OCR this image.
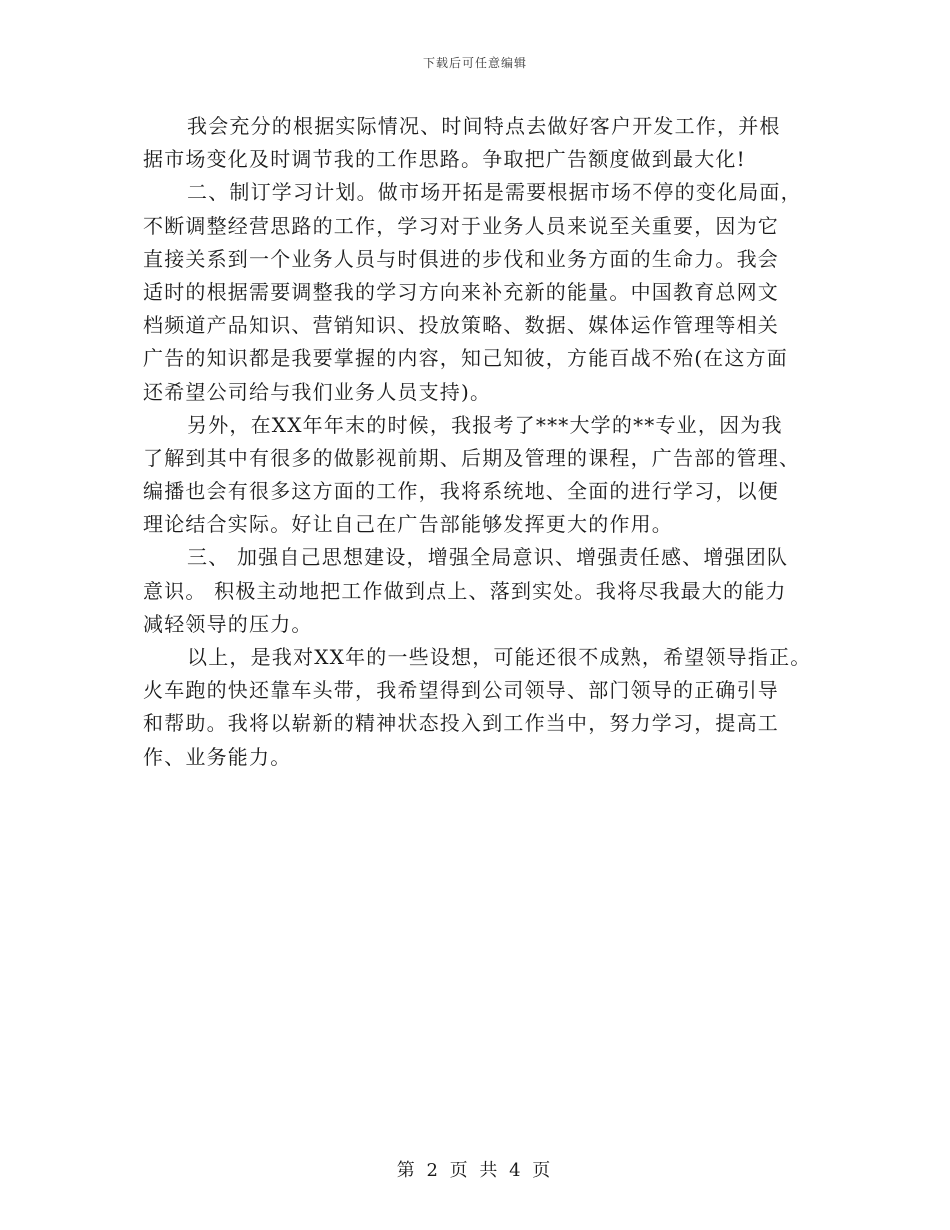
下载后可任意编辑
我会充分的根据实际情况、时间特点去做好客户开发工作，并根
据市场变化及时调节我的工作思路。争取把广告额度做到最大化!
二、制订学习计划。做市场开拓是需要根据市场不停的变化局面，
不断调整经营思路的工作，学习对于业务人员来说至关重要，因为它
直接关系到一个业务人员与时俱进的步伐和业务方面的生命力。我会
适时的根据需要调整我的学习方向来补充新的能量。中国教育总网文
档频道产品知识、营销知识、投放策略、数据、媒体运作管理等相关
广告的知识都是我要掌握的内容，知己知彼，方能百战不殆(在这方面
还希望公司给与我们业务人员支持)。
另外，在XX年年末的时候，我报考了***大学的**专业，因为我
了解到其中有很多的做影视前期、后期及管理的课程，广告部的管理、
编播也会有很多这方面的工作，我将系统地、全面的进行学习，以便
理论结合实际。好让自己在广告部能够发挥更大的作用。
三、 加强自己思想建设，增强全局意识、增强责任感、增强团队
意识。 积极主动地把工作做到点上、落到实处。我将尽我最大的能力
减轻领导的压力。
以上，是我对XX年的一些设想，可能还很不成熟，希望领导指正。
火车跑的快还靠车头带，我希望得到公司领导、部门领导的正确引导
和帮助。我将以崭新的精神状态投入到工作当中，努力学习，提高工
作、业务能力。
第 2 页 共 4 页
